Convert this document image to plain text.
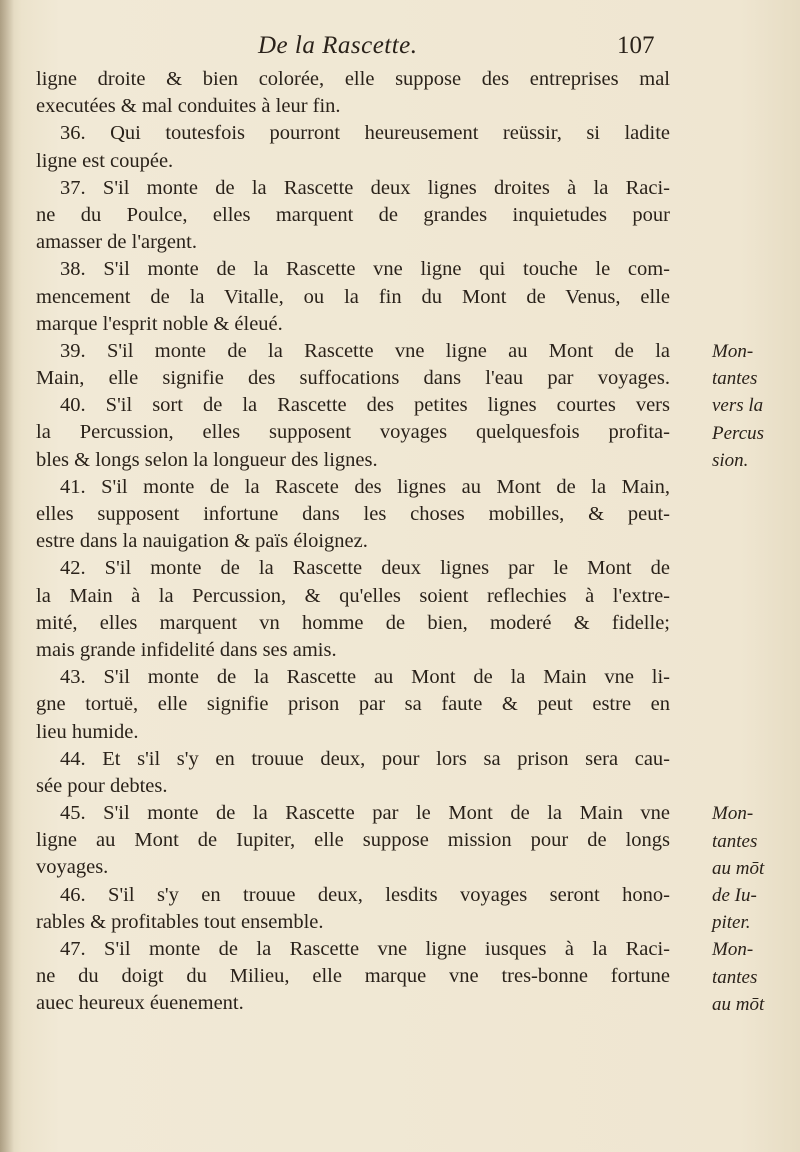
De la Rascette.	107
ligne droite & bien colorée, elle suppose des entreprises mal
executées & mal conduites à leur fin.
36. Qui toutesfois pourront heureusement reüssir, si ladite
ligne est coupée.
37. S'il monte de la Rascette deux lignes droites à la Raci-
ne du Poulce, elles marquent de grandes inquietudes pour
amasser de l'argent.
38. S'il monte de la Rascette vne ligne qui touche le com-
mencement de la Vitalle, ou la fin du Mont de Venus, elle
marque l'esprit noble & éleué.
39. S'il monte de la Rascette vne ligne au Mont de la
Main, elle signifie des suffocations dans l'eau par voyages.
40. S'il sort de la Rascette des petites lignes courtes vers
la Percussion, elles supposent voyages quelquesfois profita-
bles & longs selon la longueur des lignes.
41. S'il monte de la Rascete des lignes au Mont de la Main,
elles supposent infortune dans les choses mobilles, & peut-
estre dans la nauigation & païs éloignez.
42. S'il monte de la Rascette deux lignes par le Mont de
la Main à la Percussion, & qu'elles soient reflechies à l'extre-
mité, elles marquent vn homme de bien, moderé & fidelle;
mais grande infidelité dans ses amis.
43. S'il monte de la Rascette au Mont de la Main vne li-
gne tortuë, elle signifie prison par sa faute & peut estre en
lieu humide.
44. Et s'il s'y en trouue deux, pour lors sa prison sera cau-
sée pour debtes.
45. S'il monte de la Rascette par le Mont de la Main vne
ligne au Mont de Iupiter, elle suppose mission pour de longs
voyages.
46. S'il s'y en trouue deux, lesdits voyages seront hono-
rables & profitables tout ensemble.
47. S'il monte de la Rascette vne ligne iusques à la Raci-
ne du doigt du Milieu, elle marque vne tres-bonne fortune
auec heureux éuenement.
Mon-
tantes
vers la
Percus
sion.
Mon-
tantes
au mōt
de Iu-
piter.
Mon-
tantes
au mōt
